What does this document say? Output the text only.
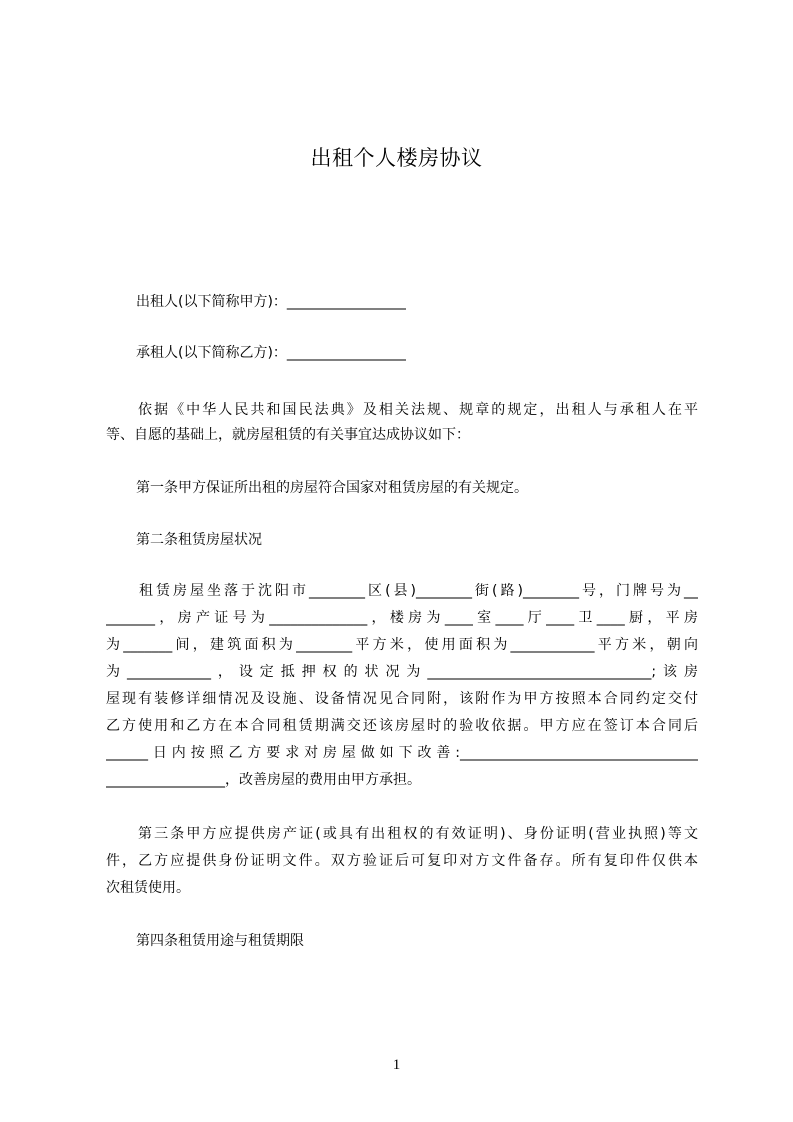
出租个人楼房协议
出租人(以下简称甲方)：_________________
承租人(以下简称乙方)：_________________
依据《中华人民共和国民法典》及相关法规、规章的规定，出租人与承租人在平
等、自愿的基础上，就房屋租赁的有关事宜达成协议如下：
第一条甲方保证所出租的房屋符合国家对租赁房屋的有关规定。
第二条租赁房屋状况
租赁房屋坐落于沈阳市________区(县)________街(路)________号，门牌号为__
_______，房产证号为______________，楼房为____室____厅____卫____厨，平房
为_______间，建筑面积为________平方米，使用面积为____________平方米，朝向
为____________，设定抵押权的状况为________________________________;该房
屋现有装修详细情况及设施、设备情况见合同附，该附作为甲方按照本合同约定交付
乙方使用和乙方在本合同租赁期满交还该房屋时的验收依据。甲方应在签订本合同后
______日内按照乙方要求对房屋做如下改善:__________________________________
_________________，改善房屋的费用由甲方承担。
第三条甲方应提供房产证(或具有出租权的有效证明)、身份证明(营业执照)等文
件，乙方应提供身份证明文件。双方验证后可复印对方文件备存。所有复印件仅供本
次租赁使用。
第四条租赁用途与租赁期限
1
